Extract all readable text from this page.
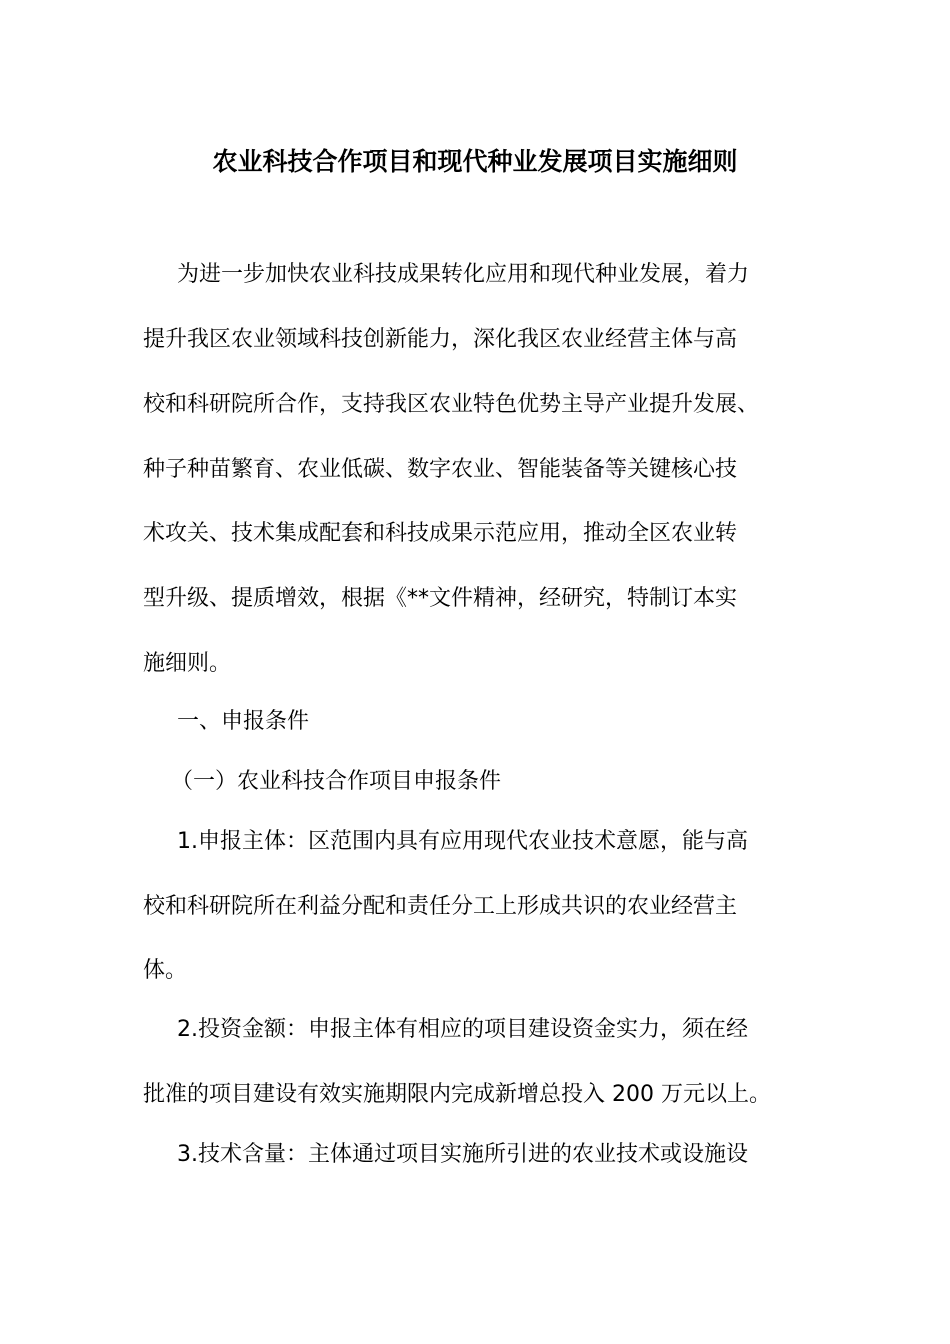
农业科技合作项目和现代种业发展项目实施细则
为进一步加快农业科技成果转化应用和现代种业发展，着力
提升我区农业领域科技创新能力，深化我区农业经营主体与高
校和科研院所合作，支持我区农业特色优势主导产业提升发展、
种子种苗繁育、农业低碳、数字农业、智能装备等关键核心技
术攻关、技术集成配套和科技成果示范应用，推动全区农业转
型升级、提质增效，根据《**文件精神，经研究，特制订本实
施细则。
一、申报条件
（一）农业科技合作项目申报条件
1.申报主体：区范围内具有应用现代农业技术意愿，能与高
校和科研院所在利益分配和责任分工上形成共识的农业经营主
体。
2.投资金额：申报主体有相应的项目建设资金实力，须在经
批准的项目建设有效实施期限内完成新增总投入 200 万元以上。
3.技术含量：主体通过项目实施所引进的农业技术或设施设
